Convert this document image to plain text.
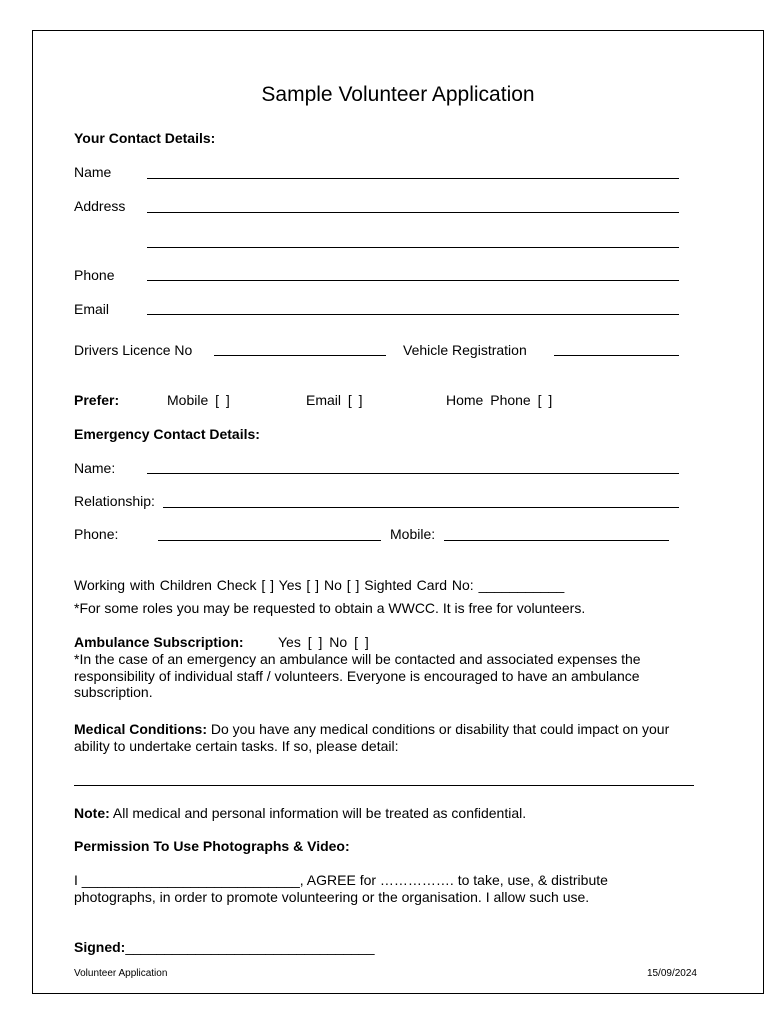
Sample Volunteer Application
Your Contact Details:
Name
Address
Phone
Email
Drivers Licence No	Vehicle Registration
Prefer:	Mobile [ ]	Email [ ]	Home Phone [ ]
Emergency Contact Details:
Name:
Relationship:
Phone:	Mobile:
Working with Children Check [ ] Yes [ ] No [ ] Sighted Card No: ___________
*For some roles you may be requested to obtain a WWCC. It is free for volunteers.
Ambulance Subscription: Yes [ ] No [ ]
*In the case of an emergency an ambulance will be contacted and associated expenses the responsibility of individual staff / volunteers. Everyone is encouraged to have an ambulance subscription.
Medical Conditions: Do you have any medical conditions or disability that could impact on your ability to undertake certain tasks. If so, please detail:
Note: All medical and personal information will be treated as confidential.
Permission To Use Photographs & Video:
I ____________________________, AGREE for ……………. to take, use, & distribute photographs, in order to promote volunteering or the organisation. I allow such use.
Signed:________________________________
Volunteer Application	15/09/2024
